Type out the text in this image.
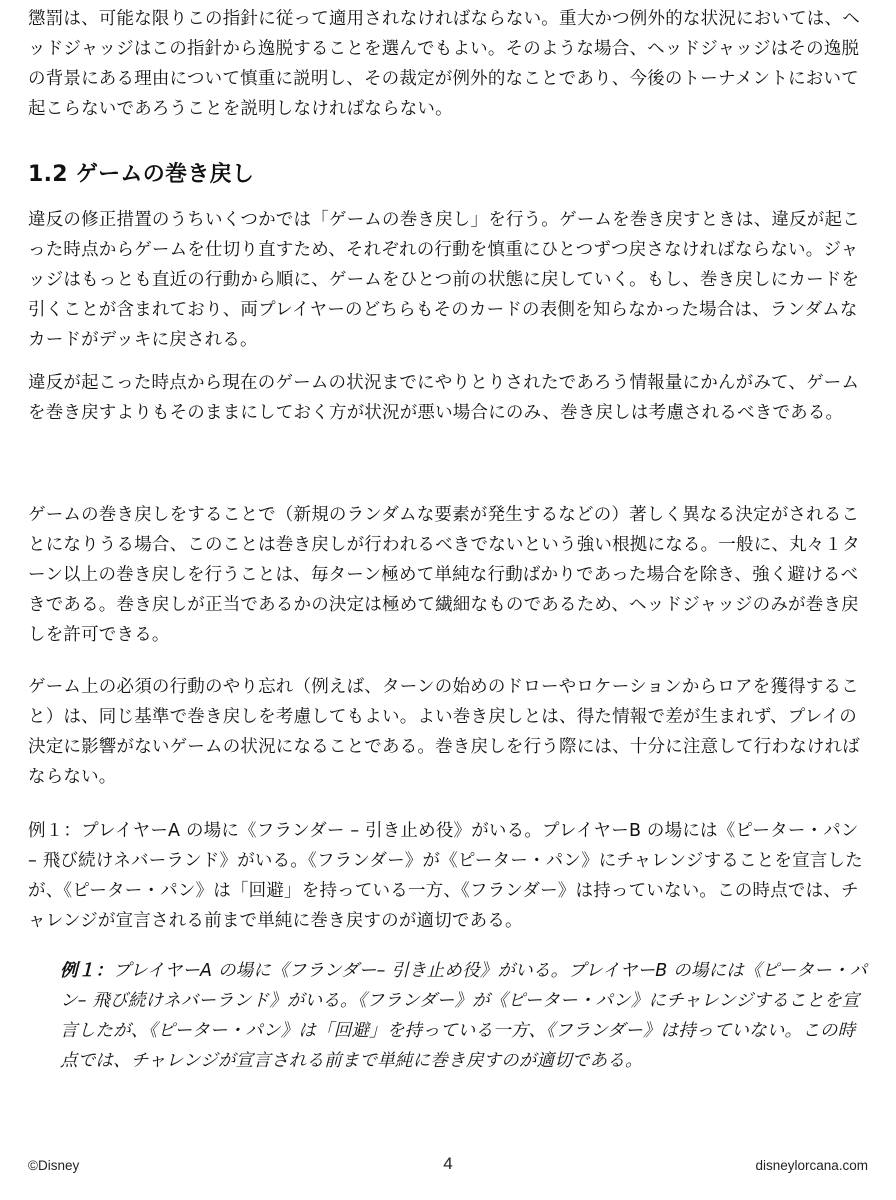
懲罰は、可能な限りこの指針に従って適用されなければならない。重大かつ例外的な状況においては、ヘッドジャッジはこの指針から逸脱することを選んでもよい。そのような場合、ヘッドジャッジはその逸脱の背景にある理由について慎重に説明し、その裁定が例外的なことであり、今後のトーナメントにおいて起こらないであろうことを説明しなければならない。

1.2 ゲームの巻き戻し

違反の修正措置のうちいくつかでは「ゲームの巻き戻し」を行う。ゲームを巻き戻すときは、違反が起こった時点からゲームを仕切り直すため、それぞれの行動を慎重にひとつずつ戻さなければならない。ジャッジはもっとも直近の行動から順に、ゲームをひとつ前の状態に戻していく。もし、巻き戻しにカードを引くことが含まれており、両プレイヤーのどちらもそのカードの表側を知らなかった場合は、ランダムなカードがデッキに戻される。

違反が起こった時点から現在のゲームの状況までにやりとりされたであろう情報量にかんがみて、ゲームを巻き戻すよりもそのままにしておく方が状況が悪い場合にのみ、巻き戻しは考慮されるべきである。

ゲームの巻き戻しをすることで（新規のランダムな要素が発生するなどの）著しく異なる決定がされることになりうる場合、このことは巻き戻しが行われるべきでないという強い根拠になる。一般に、丸々１ターン以上の巻き戻しを行うことは、毎ターン極めて単純な行動ばかりであった場合を除き、強く避けるべきである。巻き戻しが正当であるかの決定は極めて繊細なものであるため、ヘッドジャッジのみが巻き戻しを許可できる。

ゲーム上の必須の行動のやり忘れ（例えば、ターンの始めのドローやロケーションからロアを獲得すること）は、同じ基準で巻き戻しを考慮してもよい。よい巻き戻しとは、得た情報で差が生まれず、プレイの決定に影響がないゲームの状況になることである。巻き戻しを行う際には、十分に注意して行わなければならない。

例１：プレイヤーA の場に《フランダー – 引き止め役》がいる。プレイヤーB の場には《ピーター・パン – 飛び続けネバーランド》がいる。《フランダー》が《ピーター・パン》にチャレンジすることを宣言したが、《ピーター・パン》は「回避」を持っている一方、《フランダー》は持っていない。この時点では、チャレンジが宣言される前まで単純に巻き戻すのが適切である。

例１：プレイヤーA の場に《フランダー– 引き止め役》がいる。プレイヤーB の場には《ピーター・パン– 飛び続けネバーランド》がいる。《フランダー》が《ピーター・パン》にチャレンジすることを宣言したが、《ピーター・パン》は「回避」を持っている一方、《フランダー》は持っていない。この時点では、チャレンジが宣言される前まで単純に巻き戻すのが適切である。

©Disney	4	disneylorcana.com
